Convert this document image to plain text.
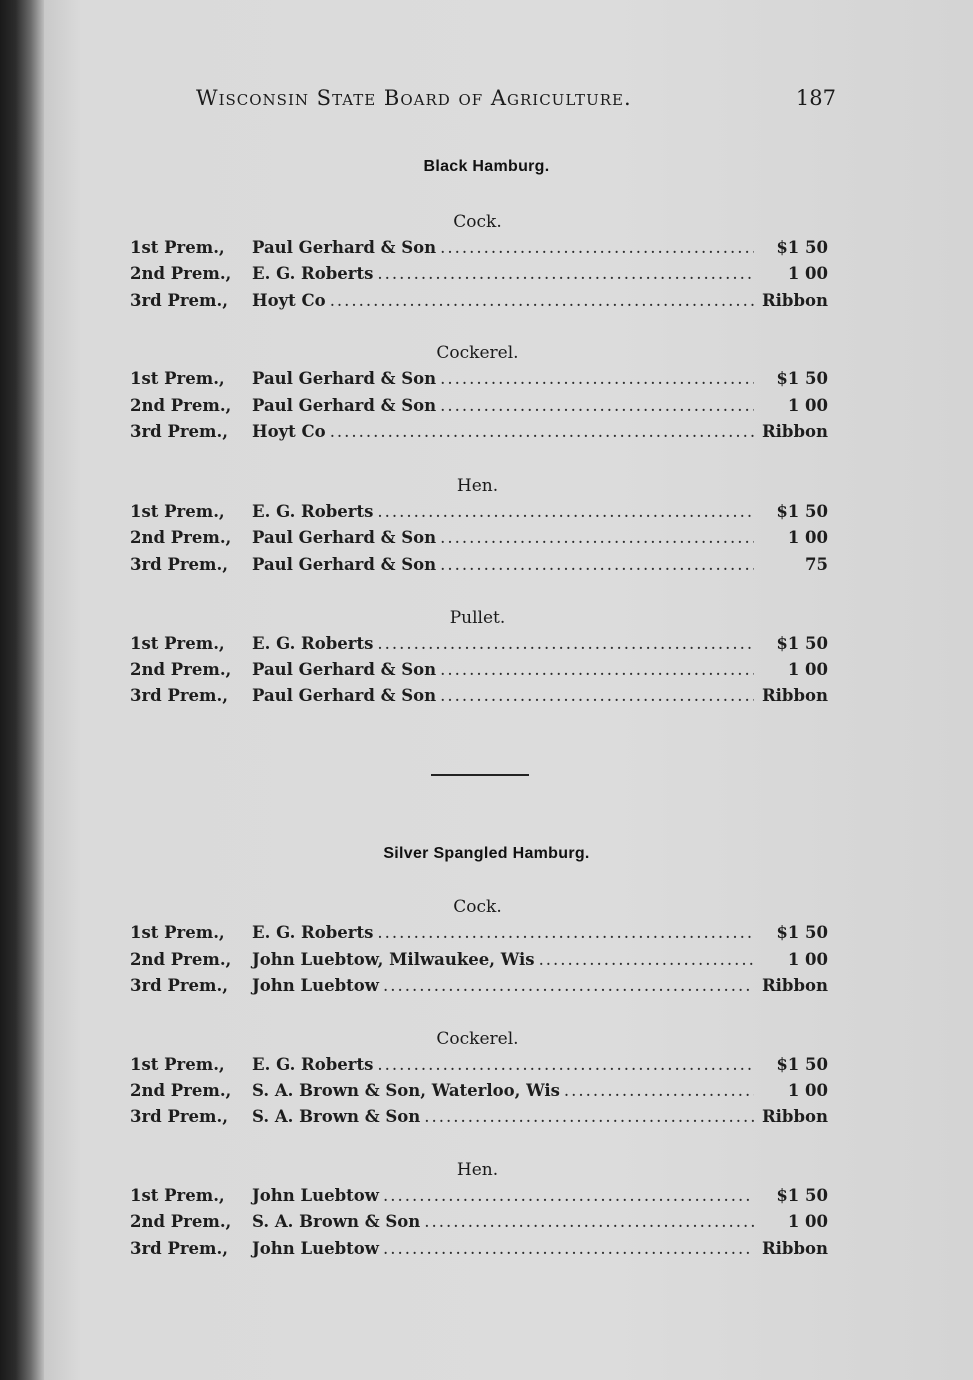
Wisconsin State Board of Agriculture.	187
Black Hamburg.
Cock.
1st Prem.,	Paul Gerhard & Son .....	$1 50
2nd Prem.,	E. G. Roberts .....	1 00
3rd Prem.,	Hoyt Co .....	Ribbon
Cockerel.
1st Prem.,	Paul Gerhard & Son .....	$1 50
2nd Prem.,	Paul Gerhard & Son .....	1 00
3rd Prem.,	Hoyt Co .....	Ribbon
Hen.
1st Prem.,	E. G. Roberts .....	$1 50
2nd Prem.,	Paul Gerhard & Son .....	1 00
3rd Prem.,	Paul Gerhard & Son .....	75
Pullet.
1st Prem.,	E. G. Roberts .....	$1 50
2nd Prem.,	Paul Gerhard & Son .....	1 00
3rd Prem.,	Paul Gerhard & Son .....	Ribbon
Silver Spangled Hamburg.
Cock.
1st Prem.,	E. G. Roberts .....	$1 50
2nd Prem.,	John Luebtow, Milwaukee, Wis .....	1 00
3rd Prem.,	John Luebtow .....	Ribbon
Cockerel.
1st Prem.,	E. G. Roberts .....	$1 50
2nd Prem.,	S. A. Brown & Son, Waterloo, Wis .....	1 00
3rd Prem.,	S. A. Brown & Son .....	Ribbon
Hen.
1st Prem.,	John Luebtow .....	$1 50
2nd Prem.,	S. A. Brown & Son .....	1 00
3rd Prem.,	John Luebtow .....	Ribbon
